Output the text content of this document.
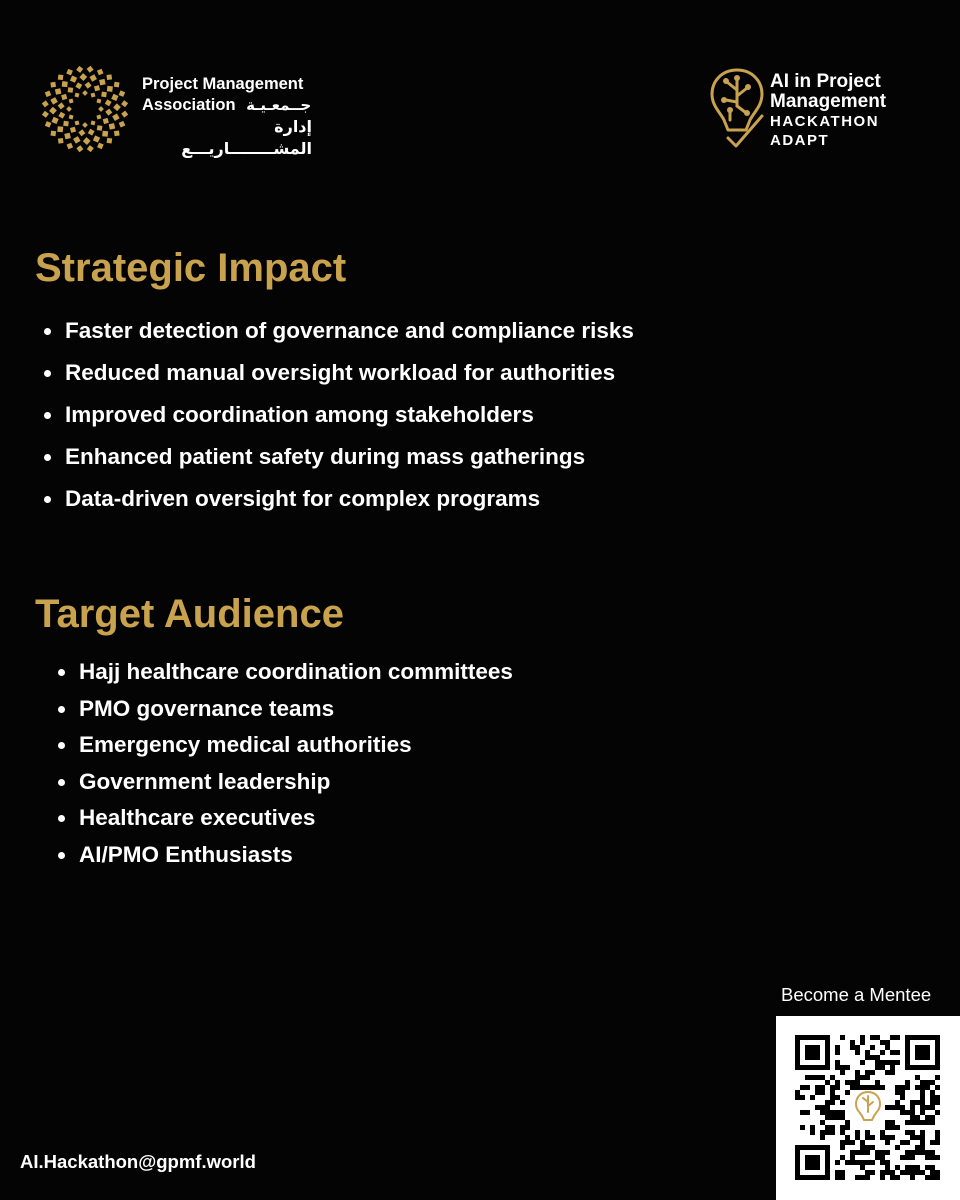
Project Management
Association جــمعـيـة
إدارة المشــــــــاريـــع
AI in Project
Management
HACKATHON
ADAPT
Strategic Impact
Faster detection of governance and compliance risks
Reduced manual oversight workload for authorities
Improved coordination among stakeholders
Enhanced patient safety during mass gatherings
Data-driven oversight for complex programs
Target Audience
Hajj healthcare coordination committees
PMO governance teams
Emergency medical authorities
Government leadership
Healthcare executives
AI/PMO Enthusiasts
AI.Hackathon@gpmf.world
Become a Mentee
